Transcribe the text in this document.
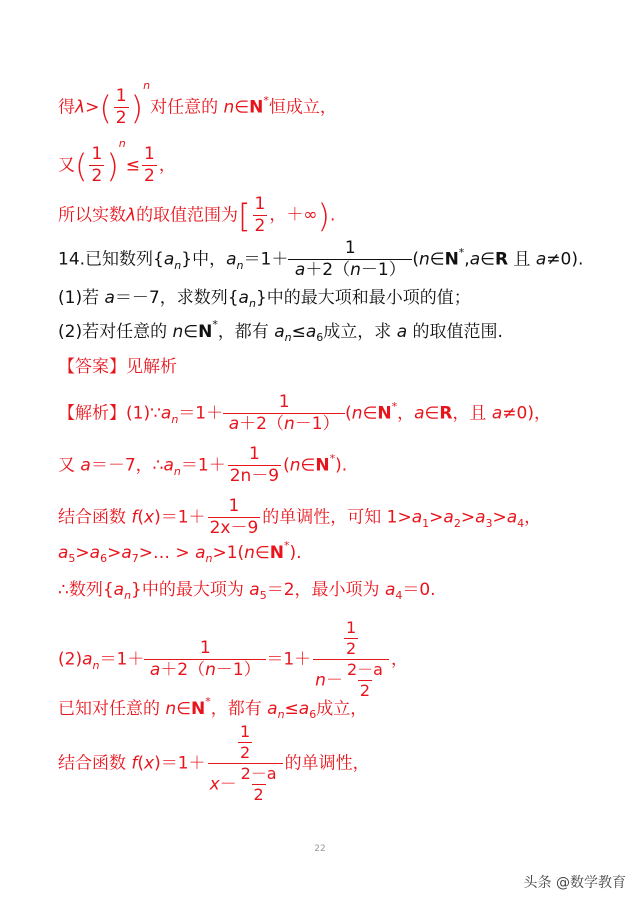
得λ> ( $\frac{1}{2}$ )
$^n$
对任意的 n∈N*恒成立，
又 ( $\frac{1}{2}$ )
$^n$
≤ $\frac{1}{2}$ ，
所以实数λ的取值范围为 [ $\frac{1}{2}$ ，＋∞ ) .
14.已知数列$\{a_n\}$中，$a_n=1+ \frac{1}{a+2(n-1)}$ (n∈N*,a∈R 且 a≠0).
(1)若 a＝－7，求数列$\{a_n\}$中的最大项和最小项的值；
(2)若对任意的 n∈N*，都有 $a_n\le a_6$成立，求 a 的取值范围.
【答案】见解析
【解析】$(1)\because a_n=1+ \frac{1}{a+2(n-1)}$ (n∈N*，a∈R，且 a≠0)，
又 a＝－7，$\therefore a_n=1+ \frac{1}{2n-9}$ (n∈N*).
结合函数 $f(x)=1+ \frac{1}{2x-9}$ 的单调性，可知 $1>a_1>a_2>a_3>a_4$，
$a_5>a_6>a_7>\dots$ > $a_n>1(n\in N^*)$.
∴数列$\{a_n\}$中的最大项为 $a_5=2$，最小项为 $a_4=0$.
$(2)a_n=1+ \frac{1}{a+2(n-1)} =1+ \frac{\frac{1}{2}}{n- \frac{2-a}{2}}$ ，
已知对任意的 n∈N*，都有 $a_n\le a_6$成立，
结合函数 $f(x)=1+ \frac{\frac{1}{2}}{x- \frac{2-a}{2}}$ 的单调性，
22
头条 @数学教育
